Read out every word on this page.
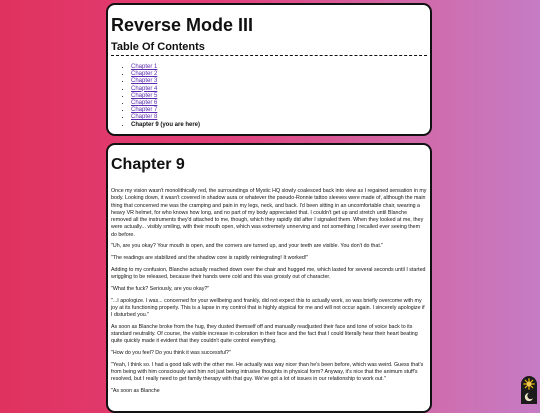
Reverse Mode III
Table Of Contents
• Chapter 1
• Chapter 2
• Chapter 3
• Chapter 4
• Chapter 5
• Chapter 6
• Chapter 7
• Chapter 8
• Chapter 9 (you are here)
Chapter 9

Once my vision wasn't monolithically red, the surroundings of Mystic HQ slowly coalesced back into view as I regained sensation in my body. Looking down, it wasn't covered in shadow aura or whatever the pseudo-Ronnie tattoo sleeves were made of, although the main thing that concerned me was the cramping and pain in my legs, neck, and back. I'd been sitting in an uncomfortable chair, wearing a heavy VR helmet, for who knows how long, and no part of my body appreciated that. I couldn't get up and stretch until Blanche removed all the instruments they'd attached to me, though, which they rapidly did after I signaled them. When they looked at me, they were actually... visibly smiling, with their mouth open, which was extremely unnerving and not something I recalled ever seeing them do before.

"Uh, are you okay? Your mouth is open, and the corners are turned up, and your teeth are visible. You don't do that."

"The readings are stabilized and the shadow core is rapidly reintegrating! It worked!"

Adding to my confusion, Blanche actually reached down over the chair and hugged me, which lasted for several seconds until I started wriggling to be released, because their hands were cold and this was grossly out of character.

"What the fuck? Seriously, are you okay?"

"...I apologize. I was... concerned for your wellbeing and frankly, did not expect this to actually work, so was briefly overcome with my joy at its functioning properly. This is a lapse in my control that is highly atypical for me and will not occur again. I sincerely apologize if I disturbed you."

As soon as Blanche broke from the hug, they dusted themself off and manually readjusted their face and tone of voice back to its standard neutrality. Of course, the visible increase in coloration in their face and the fact that I could literally hear their heart beating quite quickly made it evident that they couldn't quite control everything.

"How do you feel? Do you think it was successful?"

"Yeah, I think so. I had a good talk with the other me. He actually was way nicer than he's been before, which was weird. Guess that's from being with him consciously and him not just being intrusive thoughts in physical form? Anyway, it's nice that the animum stuff's resolved, but I really need to get family therapy with that guy. We've got a lot of issues in our relationship to work out."

"As soon as Blanche
